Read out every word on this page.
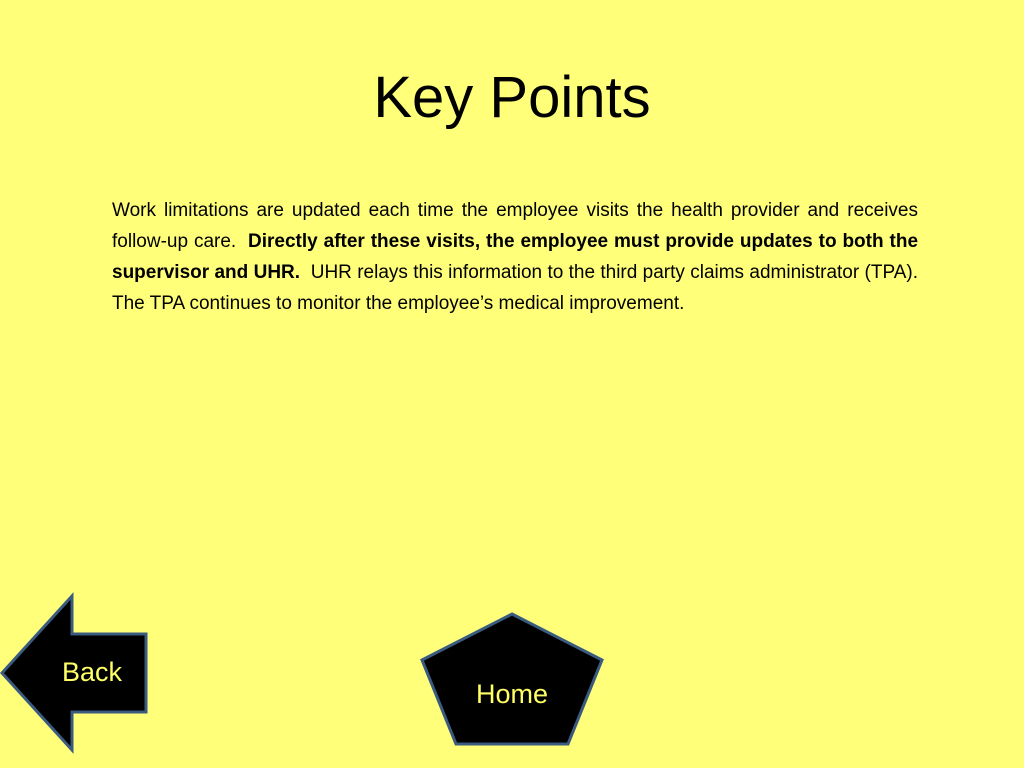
Key Points
Work limitations are updated each time the employee visits the health provider and receives follow-up care.  Directly after these visits, the employee must provide updates to both the supervisor and UHR.  UHR relays this information to the third party claims administrator (TPA). The TPA continues to monitor the employee’s medical improvement.
Back
Home
